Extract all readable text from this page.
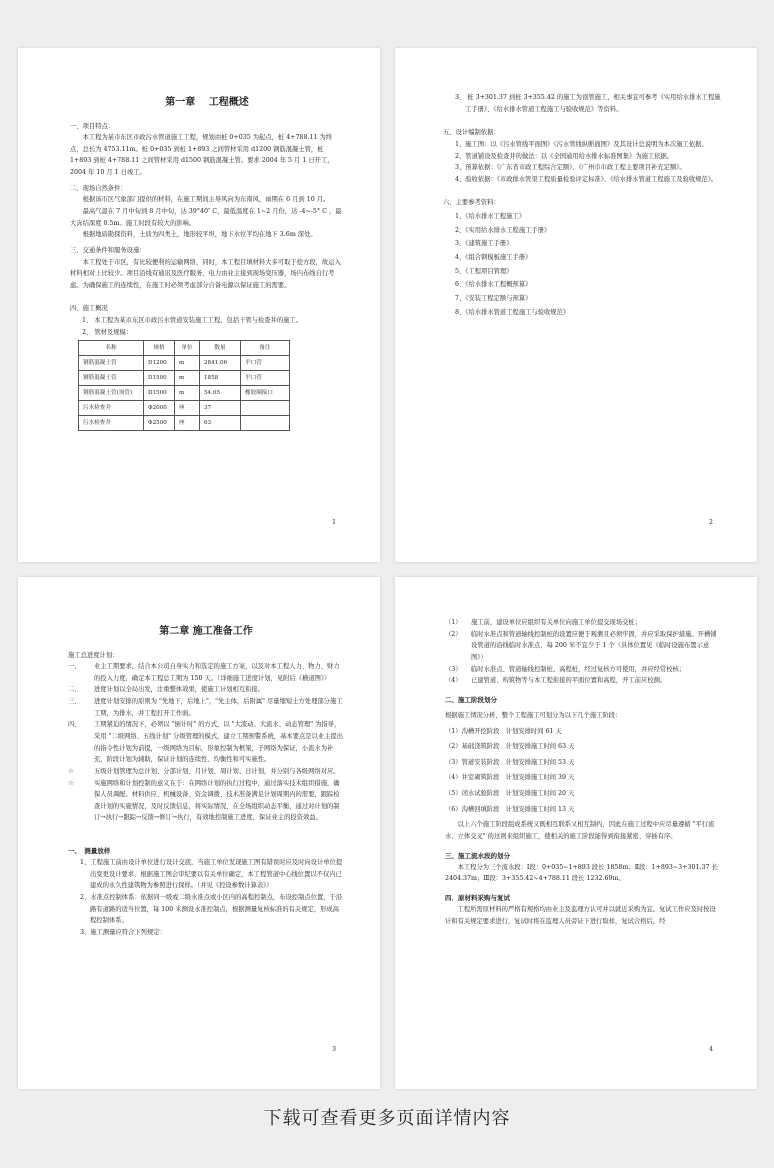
第一章　 工程概述
一、项目特点：
本工程为某市东区市政污水管道施工工程，规划由桩 0+035 为起点，桩 4+788.11 为终点，总长为 4753.11m。桩 0+035 到桩 1+893 之间管材采用 d1200 钢筋混凝土管，桩 1+893 到桩 4+788.11 之间管材采用 d1500 钢筋混凝土管。要求 2004 年 5 月 1 日开工， 2004 年 10 月 1 日竣工。
二、现场自然条件：
根据该市区气象部门提供的材料，在施工期间主导风向为东南风，雨期在 6 月到 10 月。
最高气温在 7 月中旬到 8 月中旬，达 39°40″ C，最低温度在 1~2 月份，达 -4~-5° C ，最大冻结深度 0.5m。施工时段有较大的影响。
根据地质勘探资料，土质为四类土，地形较平坦，地下水位平均在地下 3.6m 深处。
三、交通条件和服务设施：
本工程处于市区，有比较便利的运输网络，同时，本工程目填材料大多可取于挖方段，故运入材料相对上比较少。项目沿线有通讯及医疗服务，电力由业主接到现场变压器，场内布线自行考虑。为确保施工的连续性，在施工时必须考虑部分自备电源以保证施工的需要。
四、施工概况
1、 本工程为某市东区市政污水管道安装施工工程，包括干管与检查井的施工。
2、 管材及规模：
名称	规格	单位	数量	备注
钢筋混凝土管	D1200	m	2841.06	平口管
钢筋混凝土管	D1500	m	1858	平口管
钢筋混凝土管(顶管)	D1500	m	54.05	橡胶圈接口
污水检查井	Φ2000	座	37	
污水检查井	Φ2500	座	63	
1
3、 桩 3+301.37 到桩 3+355.42 的施工为顶管施工，相关事宜可参考《实用给水排水工程施工手册》、《给水排水管道工程施工与验收规范》等资料。
五、设计编制依据：
1、施工图：以《污水管线平面图》《污水管线纵断面图》及其设计总说明为本次施工依据。
2、管道铺设及检查井的做法：以《全国通用给水排水标准图集》为施工依据。
3、预算依据：《广东省市政工程综合定额》、《广州市市政工程主要项目补充定额》。
4、验收依据：《市政排水管渠工程质量检验评定标准》、《给水排水管道工程施工及验收规范》。
六、主要参考资料：
1、《给水排水工程施工》
2、《实用给水排水工程施工手册》
3、《建筑施工手册》
4、《组合钢模板施工手册》
5、《工程项目管理》
6、《给水排水工程概预算》
7、《安装工程定额与预算》
8、《给水排水管道工程施工与验收规范》
2
第二章 施工准备工作
施工总进度计划：
一、	业主工期要求，结合本公司自身实力和选定的施工方案，以及对本工程人力、物力、财力的投入力度，确定本工程总工期为 150 天。（详细施工进度计划，见附后《横道图》）
二、	进度计划以全局出发，注重整体效果，使施工计划相互衔接。
三、	进度计划安排的原则为 "先地下，后地上"，"先主体，后附属" 尽量缩短土方处理部分施工工期，为排水，并工程打开工作面。
四、	工期紧迫的情况下，必须以 "倒计时" 的方式，以 "大流动、大流水、动态管理" 为指导，采用 "二级网络、五线计划" 分级管理的模式，建立工期预警系统，基本要点是以业主提出的指令性计划为前提，一级网络为目标，形象控制为框架，子网络为保证，小流水为补充，阶段计划为辅助，保证计划的连续性、均衡性和可实施性。
☆	五级计划管理为总计划、分部计划、月计划、周计划、日计划，并分别与各级网络对应。
☆	实施网络和计划控制的意义在于：在网络计划的执行过程中，通过落实技术组织措施，确保人员调配、材料供应、机械设备、资金调拨、技术准备满足计划周期内的需要，跟踪检查计划的实施情况，及时反馈信息，将实际情况，在全场组织动态平衡，通过对计划的制订→执行→跟踪→反馈→修订→执行，有效地控制施工进度，保证业主的投资效益。
一、　测量放样
1、工程施工前由设计单位进行设计交底，当施工单位发现施工图有错误时应及时向设计单位提出变更设计要求，根据施工图会审纪要以有关单位确定，本工程管道中心线位置以不仅内已建成的永久性建筑物为参照进行探样。（并见《控设参数计算表》）
2、水准点控制体系：依据同一级或二级水准点或小区内的高程控制点，布设控制点位置，于沿路有道路的适当位置，每 100 米测设水准控制点，根据测量复核标准的有关规定，形成高程控制体系。
3、施工测量应符合下列规定：
3
（1）	施工前，建设单位应组织有关单位向施工单位提交现场交桩；
（2）	临时水准点和管道轴线控制桩的设置应便于观测且必须牢固，并应采取保护措施。开槽铺设管道的沿线临时水准点，每 200 米不宜少于 1 个（具体位置见《临时设施布置示意图》）
（3）	临时水准点、管道轴线控制桩、高程桩，经过复核方可使用，并应经常校核；
（4）	已建管道、构筑物等与本工程衔接的平面位置和高程，开工前应校测。
二、施工阶段划分
根据施工情况分析，整个工程施工可划分为以下几个施工阶段：
（1）沟槽开挖阶段　计划安排时间 61 天
（2）基础浇筑阶段　计划安排施工时间 63 天
（3）管道安装阶段　计划安排施工时间 53 天
（4）井室砌筑阶段　计划安排施工时间 39 天
（5）闭水试验阶段　计划安排施工时间 20 天
（6）沟槽回填阶段　计划安排施工时间 13 天
以上六个施工阶段组成系统又既相互联系又相互制约，因此在施工过程中应尽量遵循 "平行流水、立体交叉" 的这则来组织施工，使相关的施工阶段能得到衔接紧密、穿插有序。
三、施工流水段的划分
本工程分为三个流水段：Ⅰ段：0+035~1+893 段长 1858m；Ⅱ段：1+893~3+301.37 长 2404.37m；Ⅲ段：3+355.42~4+788.11 段长 1232.69m。
四．原材料采购与复试
工程所需原材料的严格有规格均由业主及监理方认可并以就近采购为宜。复试工作应及时按设计和有关规定要求进行，复试时将在监理人员旁证下进行取样，复试合格后，经
4
下载可查看更多页面详情内容
